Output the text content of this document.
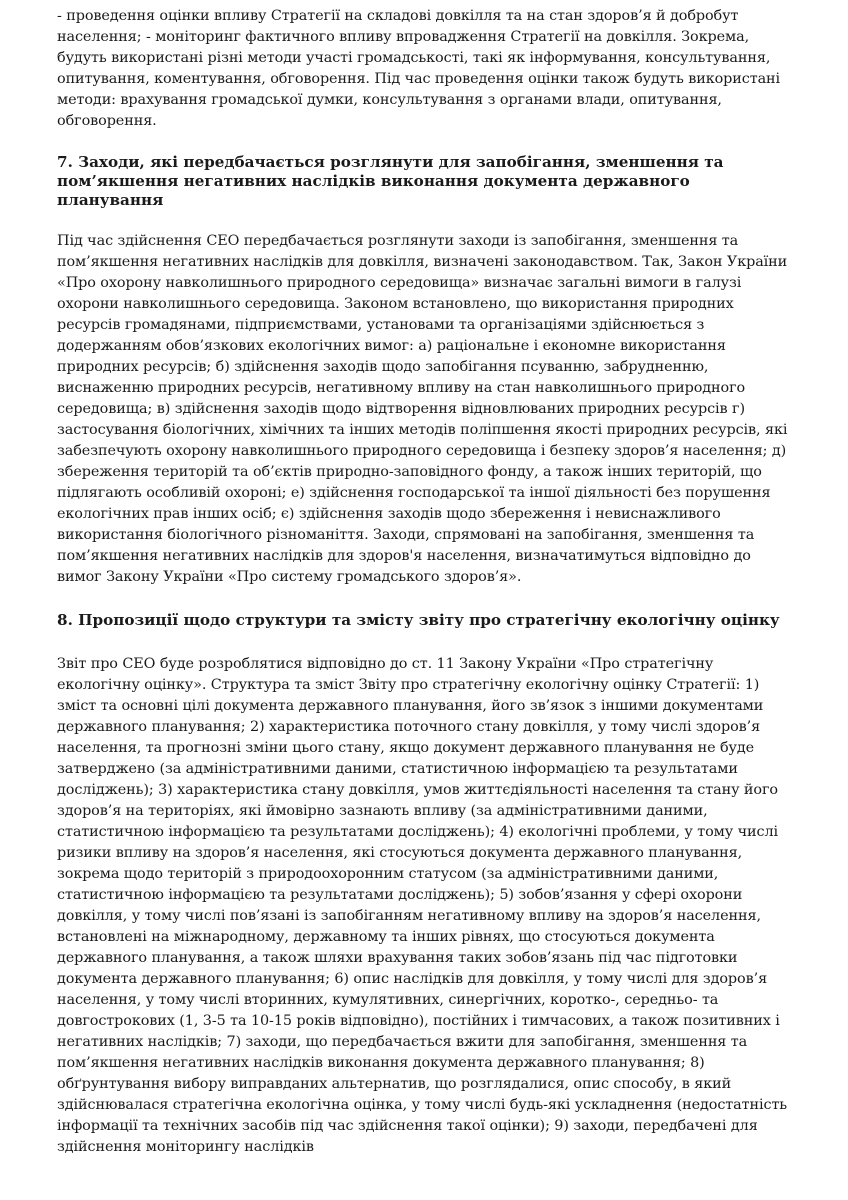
- проведення оцінки впливу Стратегії на складові довкілля та на стан здоров’я й добробут населення; - моніторинг фактичного впливу впровадження Стратегії на довкілля. Зокрема, будуть використані різні методи участі громадськості, такі як інформування, консультування, опитування, коментування, обговорення. Під час проведення оцінки також будуть використані методи: врахування громадської думки, консультування з органами влади, опитування, обговорення.

7. Заходи, які передбачається розглянути для запобігання, зменшення та пом’якшення негативних наслідків виконання документа державного планування

Під час здійснення СЕО передбачається розглянути заходи із запобігання, зменшення та пом’якшення негативних наслідків для довкілля, визначені законодавством. Так, Закон України «Про охорону навколишнього природного середовища» визначає загальні вимоги в галузі охорони навколишнього середовища. Законом встановлено, що використання природних ресурсів громадянами, підприємствами, установами та організаціями здійснюється з додержанням обов’язкових екологічних вимог: а) раціональне і економне використання природних ресурсів; б) здійснення заходів щодо запобігання псуванню, забрудненню, виснаженню природних ресурсів, негативному впливу на стан навколишнього природного середовища; в) здійснення заходів щодо відтворення відновлюваних природних ресурсів г) застосування біологічних, хімічних та інших методів поліпшення якості природних ресурсів, які забезпечують охорону навколишнього природного середовища і безпеку здоров’я населення; д) збереження територій та об’єктів природно-заповідного фонду, а також інших територій, що підлягають особливій охороні; е) здійснення господарської та іншої діяльності без порушення екологічних прав інших осіб; є) здійснення заходів щодо збереження і невиснажливого використання біологічного різноманіття. Заходи, спрямовані на запобігання, зменшення та пом’якшення негативних наслідків для здоров'я населення, визначатимуться відповідно до вимог Закону України «Про систему громадського здоров’я».

8. Пропозиції щодо структури та змісту звіту про стратегічну екологічну оцінку

Звіт про СЕО буде розроблятися відповідно до ст. 11 Закону України «Про стратегічну екологічну оцінку». Структура та зміст Звіту про стратегічну екологічну оцінку Стратегії: 1) зміст та основні цілі документа державного планування, його зв’язок з іншими документами державного планування; 2) характеристика поточного стану довкілля, у тому числі здоров’я населення, та прогнозні зміни цього стану, якщо документ державного планування не буде затверджено (за адміністративними даними, статистичною інформацією та результатами досліджень); 3) характеристика стану довкілля, умов життєдіяльності населення та стану його здоров’я на територіях, які ймовірно зазнають впливу (за адміністративними даними, статистичною інформацією та результатами досліджень); 4) екологічні проблеми, у тому числі ризики впливу на здоров’я населення, які стосуються документа державного планування, зокрема щодо територій з природоохоронним статусом (за адміністративними даними, статистичною інформацією та результатами досліджень); 5) зобов’язання у сфері охорони довкілля, у тому числі пов’язані із запобіганням негативному впливу на здоров’я населення, встановлені на міжнародному, державному та інших рівнях, що стосуються документа державного планування, а також шляхи врахування таких зобов’язань під час підготовки документа державного планування; 6) опис наслідків для довкілля, у тому числі для здоров’я населення, у тому числі вторинних, кумулятивних, синергічних, коротко-, середньо- та довгострокових (1, 3-5 та 10-15 років відповідно), постійних і тимчасових, а також позитивних і негативних наслідків; 7) заходи, що передбачається вжити для запобігання, зменшення та пом’якшення негативних наслідків виконання документа державного планування; 8) обґрунтування вибору виправданих альтернатив, що розглядалися, опис способу, в який здійснювалася стратегічна екологічна оцінка, у тому числі будь-які ускладнення (недостатність інформації та технічних засобів під час здійснення такої оцінки); 9) заходи, передбачені для здійснення моніторингу наслідків
